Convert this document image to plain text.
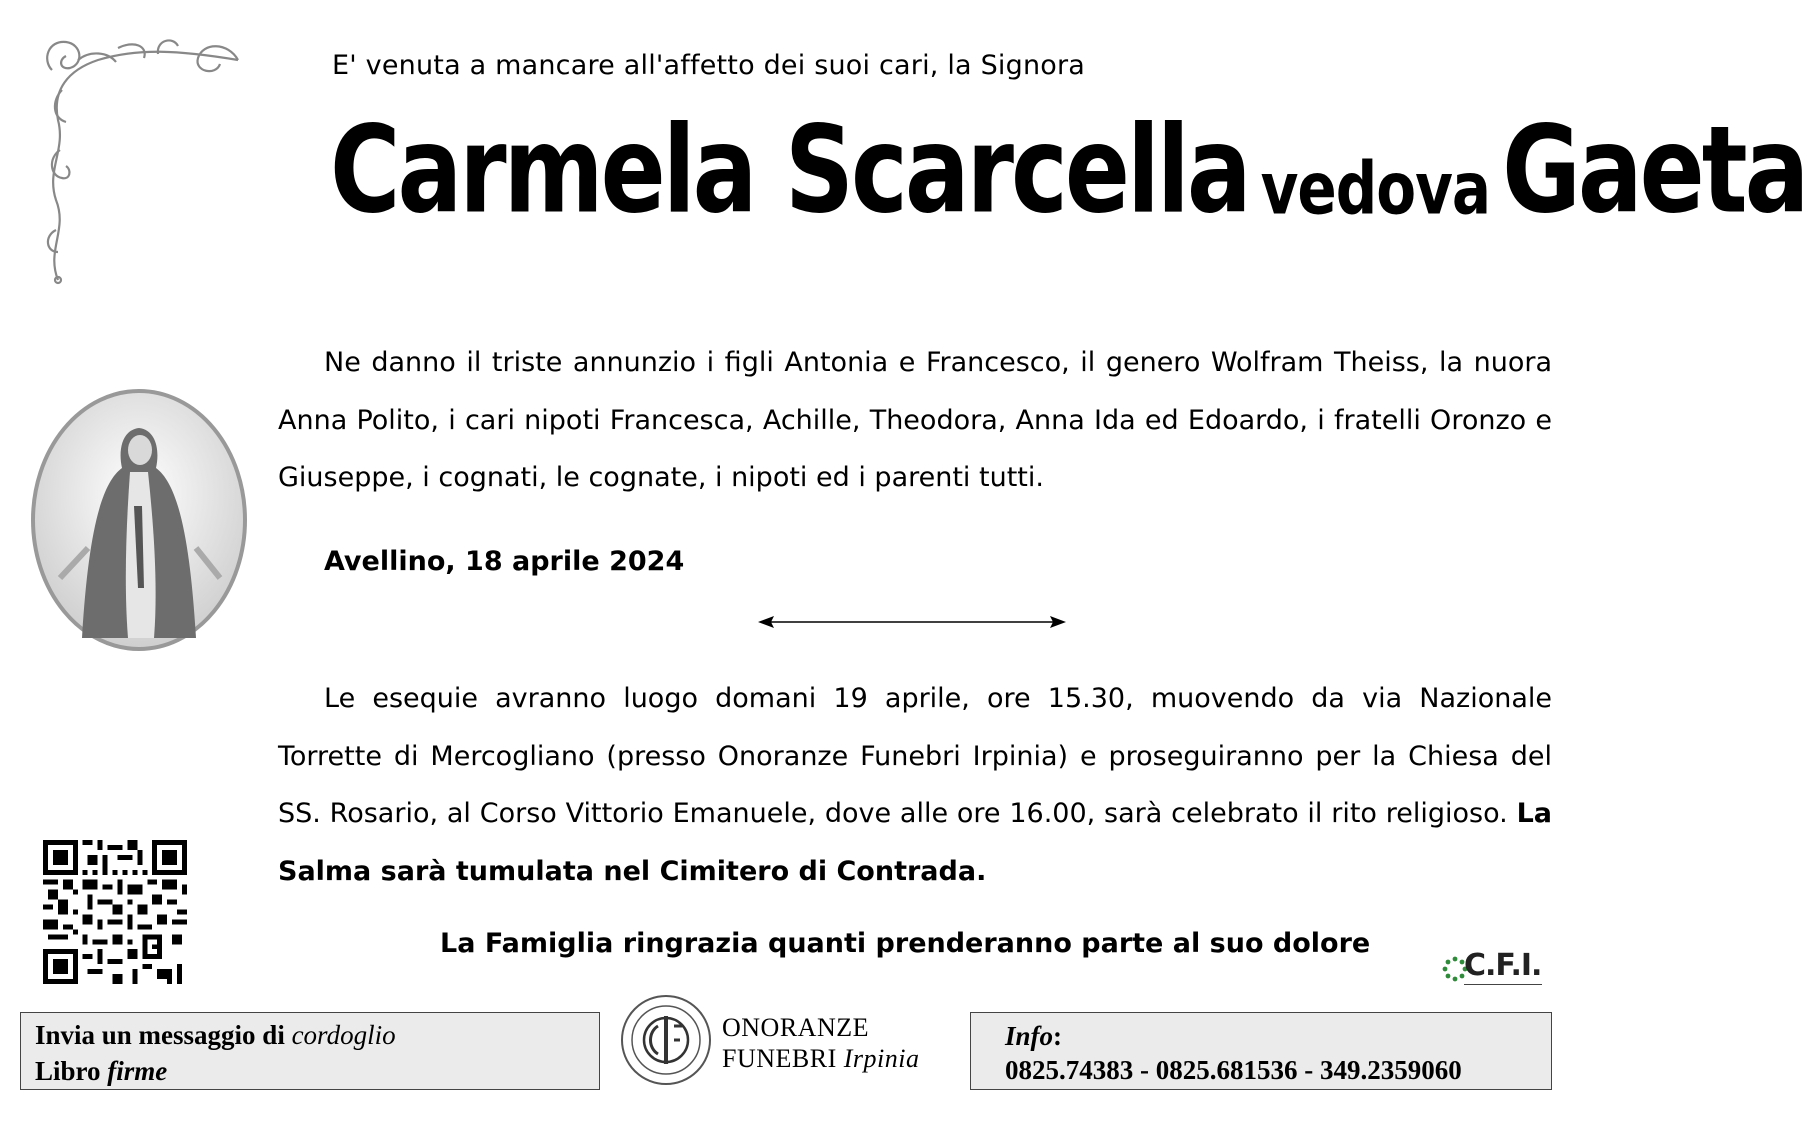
E' venuta a mancare all'affetto dei suoi cari, la Signora
Carmela Scarcella vedova Gaeta
Ne danno il triste annunzio i figli Antonia e Francesco, il genero Wolfram Theiss, la nuora Anna Polito, i cari nipoti Francesca, Achille, Theodora, Anna Ida ed Edoardo, i fratelli Oronzo e Giuseppe, i cognati, le cognate, i nipoti ed i parenti tutti.
Avellino, 18 aprile 2024
Le esequie avranno luogo domani 19 aprile, ore 15.30, muovendo da via Nazionale Torrette di Mercogliano (presso Onoranze Funebri Irpinia) e proseguiranno per la Chiesa del SS. Rosario, al Corso Vittorio Emanuele, dove alle ore 16.00, sarà celebrato il rito religioso. La Salma sarà tumulata nel Cimitero di Contrada.
La Famiglia ringrazia quanti prenderanno parte al suo dolore
C.F.I.
Invia un messaggio di cordoglio
Libro firme
ONORANZE
FUNEBRI Irpinia
Info:
0825.74383 - 0825.681536 - 349.2359060
